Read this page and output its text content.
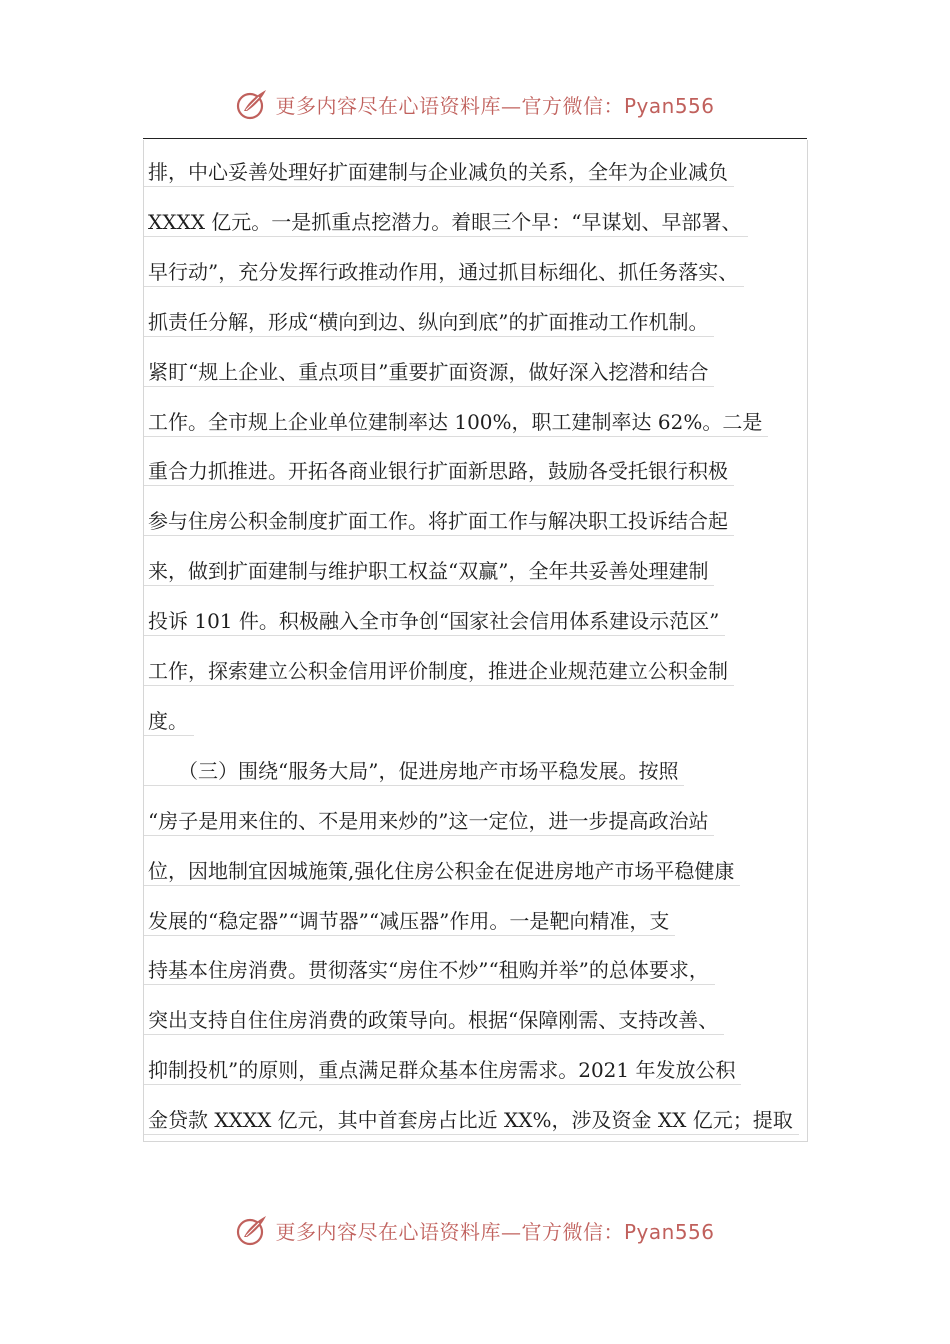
更多内容尽在心语资料库—官方微信：Pyan556
排，中心妥善处理好扩面建制与企业减负的关系，全年为企业减负
XXXX 亿元。一是抓重点挖潜力。着眼三个早：“早谋划、早部署、
早行动”，充分发挥行政推动作用，通过抓目标细化、抓任务落实、
抓责任分解，形成“横向到边、纵向到底”的扩面推动工作机制。
紧盯“规上企业、重点项目”重要扩面资源，做好深入挖潜和结合
工作。全市规上企业单位建制率达 100%，职工建制率达 62%。二是
重合力抓推进。开拓各商业银行扩面新思路，鼓励各受托银行积极
参与住房公积金制度扩面工作。将扩面工作与解决职工投诉结合起
来，做到扩面建制与维护职工权益“双赢”，全年共妥善处理建制
投诉 101 件。积极融入全市争创“国家社会信用体系建设示范区”
工作，探索建立公积金信用评价制度，推进企业规范建立公积金制
度。
　　（三）围绕“服务大局”，促进房地产市场平稳发展。按照
“房子是用来住的、不是用来炒的”这一定位，进一步提高政治站
位，因地制宜因城施策,强化住房公积金在促进房地产市场平稳健康
发展的“稳定器”“调节器”“减压器”作用。一是靶向精准，支
持基本住房消费。贯彻落实“房住不炒”“租购并举”的总体要求，
突出支持自住住房消费的政策导向。根据“保障刚需、支持改善、
抑制投机”的原则，重点满足群众基本住房需求。2021 年发放公积
金贷款 XXXX 亿元，其中首套房占比近 XX%，涉及资金 XX 亿元；提取
更多内容尽在心语资料库—官方微信：Pyan556
